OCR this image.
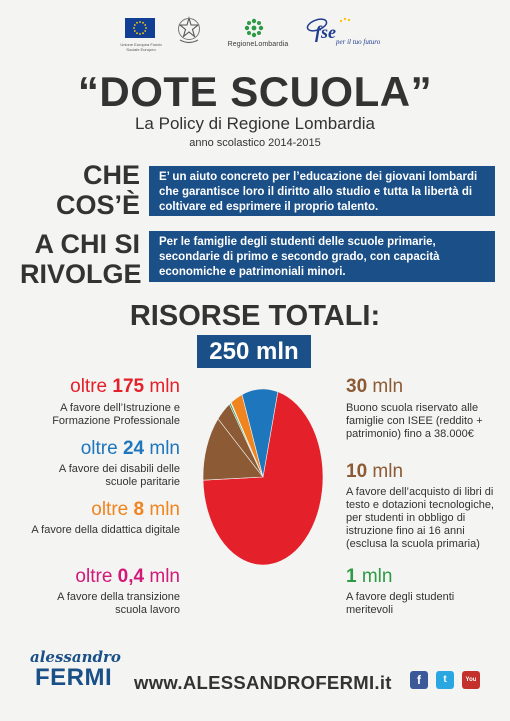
Unione Europea Fondo Sociale Europeo
RegioneLombardia
fse per il tuo futuro
“DOTE SCUOLA”
La Policy di Regione Lombardia
anno scolastico 2014-2015
CHE
COS’È
E’ un aiuto concreto per l’educazione dei giovani lombardi che garantisce loro il diritto allo studio e tutta la libertà di coltivare ed esprimere il proprio talento.
A CHI SI
RIVOLGE
Per le famiglie degli studenti delle scuole primarie, secondarie di primo e secondo grado, con capacità economiche e patrimoniali minori.
RISORSE TOTALI:
250 mln
oltre 175 mln
A favore dell’Istruzione e Formazione Professionale
oltre 24 mln
A favore dei disabili delle scuole paritarie
oltre 8 mln
A favore della didattica digitale
oltre 0,4 mln
A favore della transizione scuola lavoro
30 mln
Buono scuola riservato alle famiglie con ISEE (reddito + patrimonio) fino a 38.000€
10 mln
A favore dell’acquisto di libri di testo e dotazioni tecnologiche, per studenti in obbligo di istruzione fino ai 16 anni (esclusa la scuola primaria)
1 mln
A favore degli studenti meritevoli
alessandro
FERMI www.ALESSANDROFERMI.it	f	t	You
